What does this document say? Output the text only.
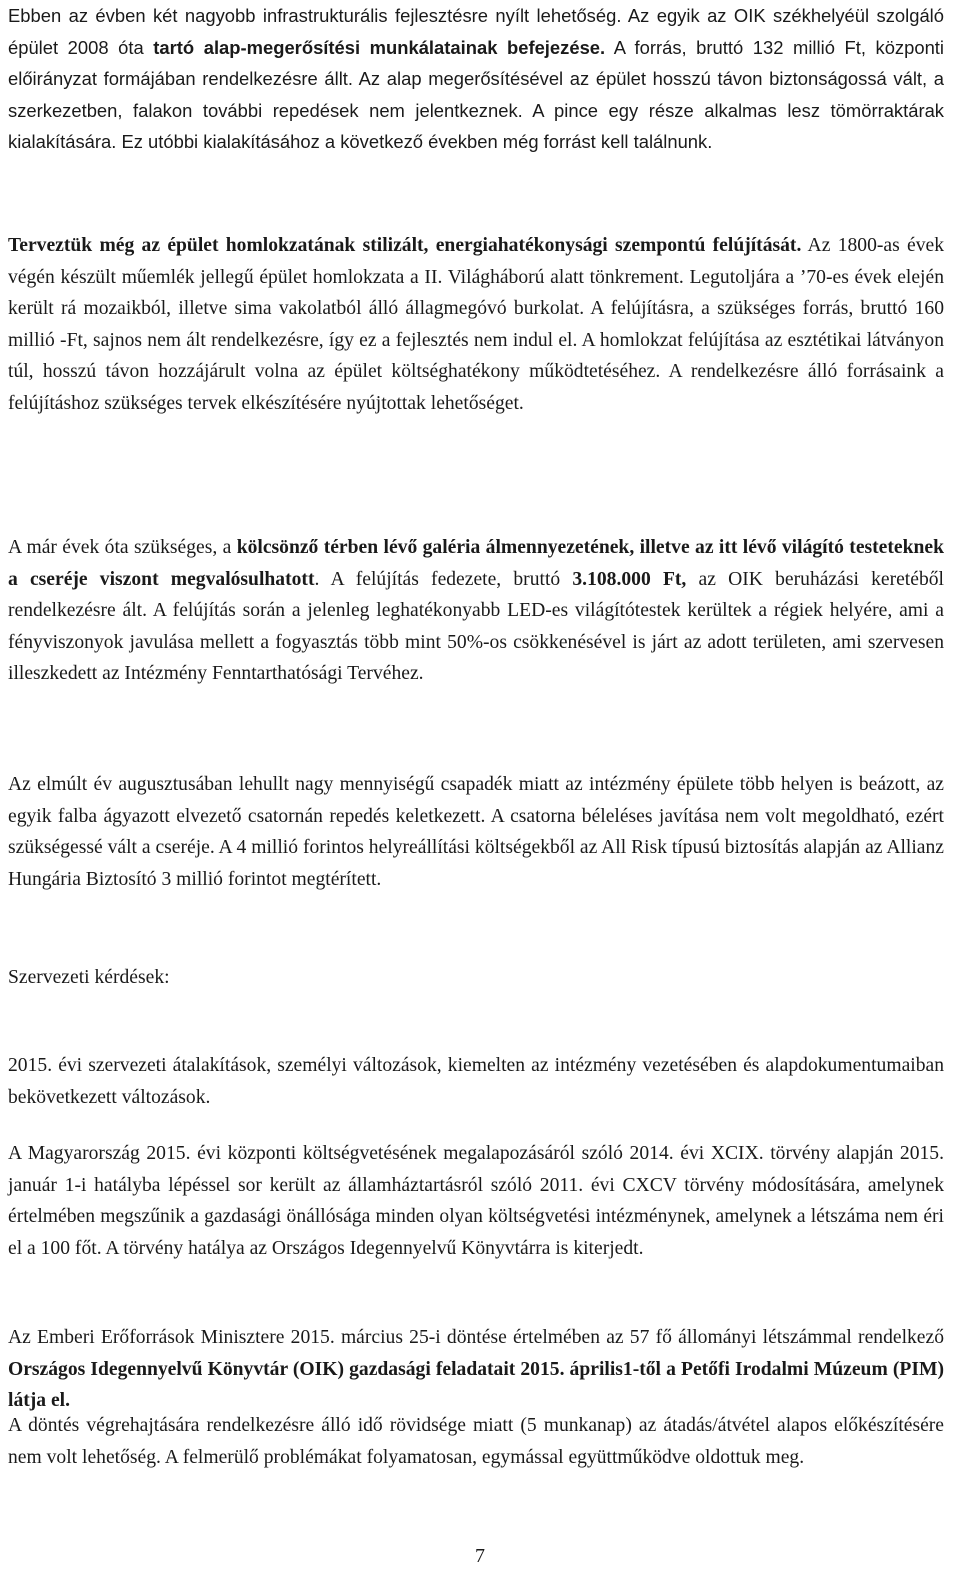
Ebben az évben két nagyobb infrastrukturális fejlesztésre nyílt lehetőség. Az egyik az OIK székhelyéül szolgáló épület 2008 óta tartó alap-megerősítési munkálatainak befejezése. A forrás, bruttó 132 millió Ft, központi előirányzat formájában rendelkezésre állt. Az alap megerősítésével az épület hosszú távon biztonságossá vált, a szerkezetben, falakon további repedések nem jelentkeznek. A pince egy része alkalmas lesz tömörraktárak kialakítására. Ez utóbbi kialakításához a következő években még forrást kell találnunk.

Terveztük még az épület homlokzatának stilizált, energiahatékonysági szempontú felújítását. Az 1800-as évek végén készült műemlék jellegű épület homlokzata a II. Világháború alatt tönkrement. Legutoljára a ’70-es évek elején került rá mozaikból, illetve sima vakolatból álló állagmegóvó burkolat. A felújításra, a szükséges forrás, bruttó 160 millió -Ft, sajnos nem ált rendelkezésre, így ez a fejlesztés nem indul el. A homlokzat felújítása az esztétikai látványon túl, hosszú távon hozzájárult volna az épület költséghatékony működtetéséhez. A rendelkezésre álló forrásaink a felújításhoz szükséges tervek elkészítésére nyújtottak lehetőséget.

A már évek óta szükséges, a kölcsönző térben lévő galéria álmennyezetének, illetve az itt lévő világító testeteknek a cseréje viszont megvalósulhatott. A felújítás fedezete, bruttó 3.108.000 Ft, az OIK beruházási keretéből rendelkezésre ált. A felújítás során a jelenleg leghatékonyabb LED-es világítótestek kerültek a régiek helyére, ami a fényviszonyok javulása mellett a fogyasztás több mint 50%-os csökkenésével is járt az adott területen, ami szervesen illeszkedett az Intézmény Fenntarthatósági Tervéhez.

Az elmúlt év augusztusában lehullt nagy mennyiségű csapadék miatt az intézmény épülete több helyen is beázott, az egyik falba ágyazott elvezető csatornán repedés keletkezett. A csatorna béleléses javítása nem volt megoldható, ezért szükségessé vált a cseréje. A 4 millió forintos helyreállítási költségekből az All Risk típusú biztosítás alapján az Allianz Hungária Biztosító 3 millió forintot megtérített.

Szervezeti kérdések:

2015. évi szervezeti átalakítások, személyi változások, kiemelten az intézmény vezetésében és alapdokumentumaiban bekövetkezett változások.

A Magyarország 2015. évi központi költségvetésének megalapozásáról szóló 2014. évi XCIX. törvény alapján 2015. január 1-i hatályba lépéssel sor került az államháztartásról szóló 2011. évi CXCV törvény módosítására, amelynek értelmében megszűnik a gazdasági önállósága minden olyan költségvetési intézménynek, amelynek a létszáma nem éri el a 100 főt. A törvény hatálya az Országos Idegennyelvű Könyvtárra is kiterjedt.

Az Emberi Erőforrások Minisztere 2015. március 25-i döntése értelmében az 57 fő állományi létszámmal rendelkező Országos Idegennyelvű Könyvtár (OIK) gazdasági feladatait 2015. április1-től a Petőfi Irodalmi Múzeum (PIM) látja el.

A döntés végrehajtására rendelkezésre álló idő rövidsége miatt (5 munkanap) az átadás/átvétel alapos előkészítésére nem volt lehetőség. A felmerülő problémákat folyamatosan, egymással együttműködve oldottuk meg.

7
